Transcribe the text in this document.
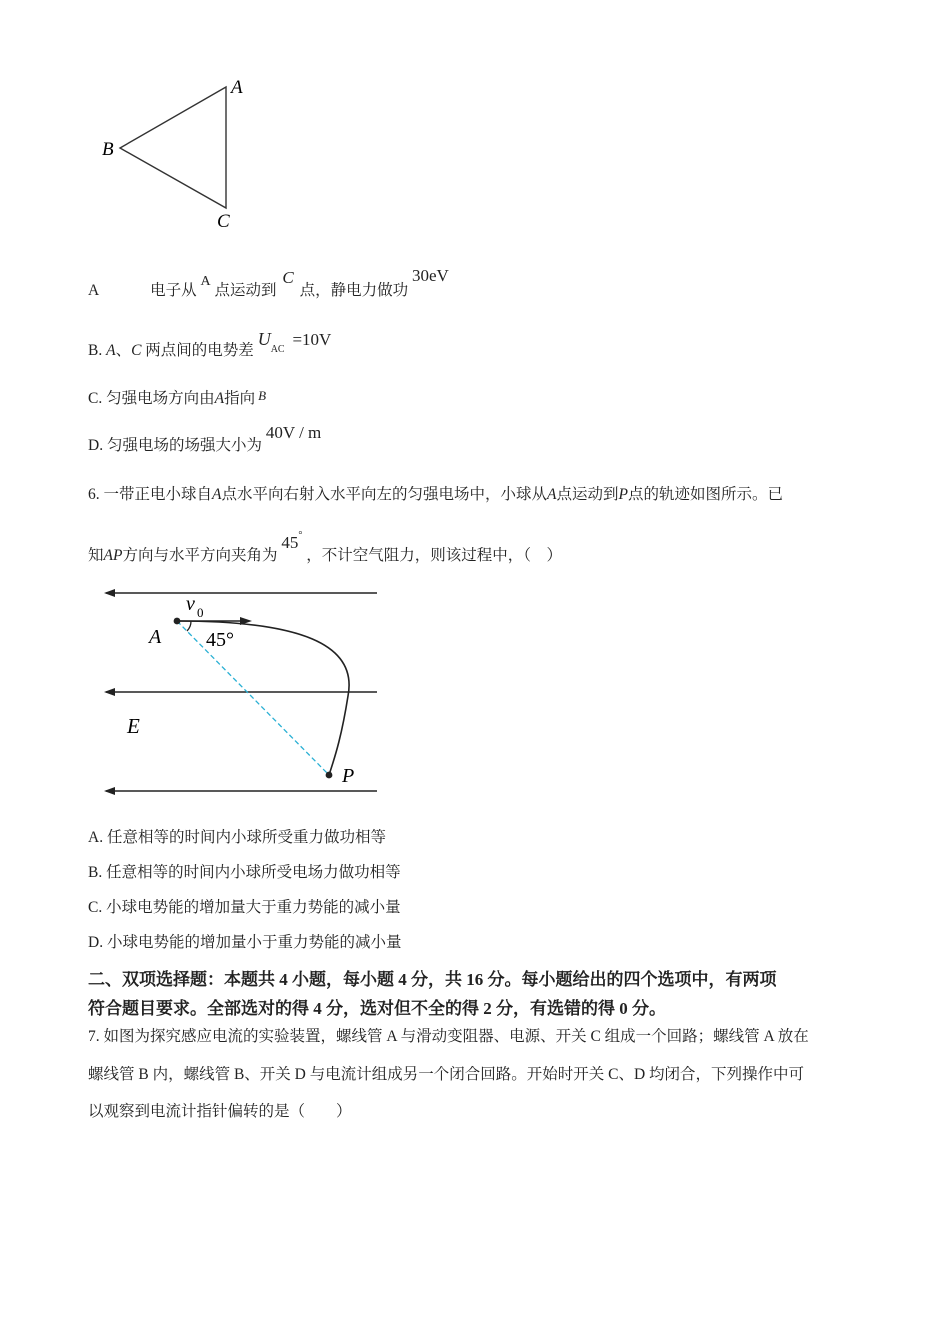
A
B
C
A	电子从 A 点运动到 C 点，静电力做功 30eV
B. A、C 两点间的电势差 UAC =10V
C. 匀强电场方向由A指向 B
D. 匀强电场的场强大小为 40V / m
6. 一带正电小球自A点水平向右射入水平向左的匀强电场中，小球从A点运动到P点的轨迹如图所示。已
知AP方向与水平方向夹角为 45° ，不计空气阻力，则该过程中，（　）
v 0
45°
A
E
P
A. 任意相等的时间内小球所受重力做功相等
B. 任意相等的时间内小球所受电场力做功相等
C. 小球电势能的增加量大于重力势能的减小量
D. 小球电势能的增加量小于重力势能的减小量
二、双项选择题：本题共 4 小题，每小题 4 分，共 16 分。每小题给出的四个选项中，有两项
符合题目要求。全部选对的得 4 分，选对但不全的得 2 分，有选错的得 0 分。
7. 如图为探究感应电流的实验装置，螺线管 A 与滑动变阻器、电源、开关 C 组成一个回路；螺线管 A 放在
螺线管 B 内，螺线管 B、开关 D 与电流计组成另一个闭合回路。开始时开关 C、D 均闭合，下列操作中可
以观察到电流计指针偏转的是（　　）
